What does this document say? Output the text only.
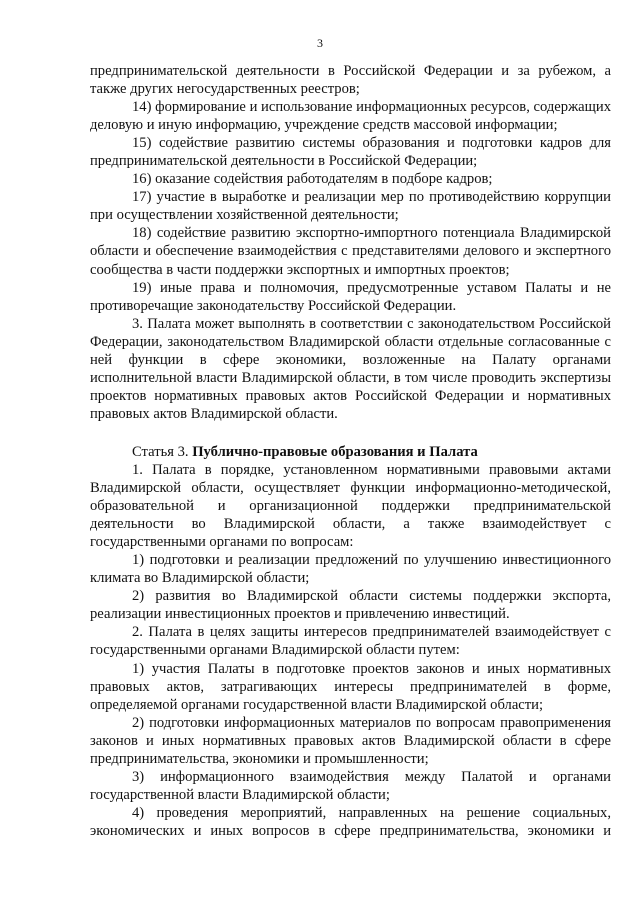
3

предпринимательской деятельности в Российской Федерации и за рубежом, а также других негосударственных реестров;

14) формирование и использование информационных ресурсов, содержащих деловую и иную информацию, учреждение средств массовой информации;

15) содействие развитию системы образования и подготовки кадров для предпринимательской деятельности в Российской Федерации;

16) оказание содействия работодателям в подборе кадров;

17) участие в выработке и реализации мер по противодействию коррупции при осуществлении хозяйственной деятельности;

18) содействие развитию экспортно-импортного потенциала Владимирской области и обеспечение взаимодействия с представителями делового и экспертного сообщества в части поддержки экспортных и импортных проектов;

19) иные права и полномочия, предусмотренные уставом Палаты и не противоречащие законодательству Российской Федерации.

3. Палата может выполнять в соответствии с законодательством Российской Федерации, законодательством Владимирской области отдельные согласованные с ней функции в сфере экономики, возложенные на Палату органами исполнительной власти Владимирской области, в том числе проводить экспертизы проектов нормативных правовых актов Российской Федерации и нормативных правовых актов Владимирской области.

Статья 3. Публично-правовые образования и Палата

1. Палата в порядке, установленном нормативными правовыми актами Владимирской области, осуществляет функции информационно-методической, образовательной и организационной поддержки предпринимательской деятельности во Владимирской области, а также взаимодействует с государственными органами по вопросам:

1) подготовки и реализации предложений по улучшению инвестиционного климата во Владимирской области;

2) развития во Владимирской области системы поддержки экспорта, реализации инвестиционных проектов и привлечению инвестиций.

2. Палата в целях защиты интересов предпринимателей взаимодействует с государственными органами Владимирской области путем:

1) участия Палаты в подготовке проектов законов и иных нормативных правовых актов, затрагивающих интересы предпринимателей в форме, определяемой органами государственной власти Владимирской области;

2) подготовки информационных материалов по вопросам правоприменения законов и иных нормативных правовых актов Владимирской области в сфере предпринимательства, экономики и промышленности;

3) информационного взаимодействия между Палатой и органами государственной власти Владимирской области;

4) проведения мероприятий, направленных на решение социальных, экономических и иных вопросов в сфере предпринимательства, экономики и
